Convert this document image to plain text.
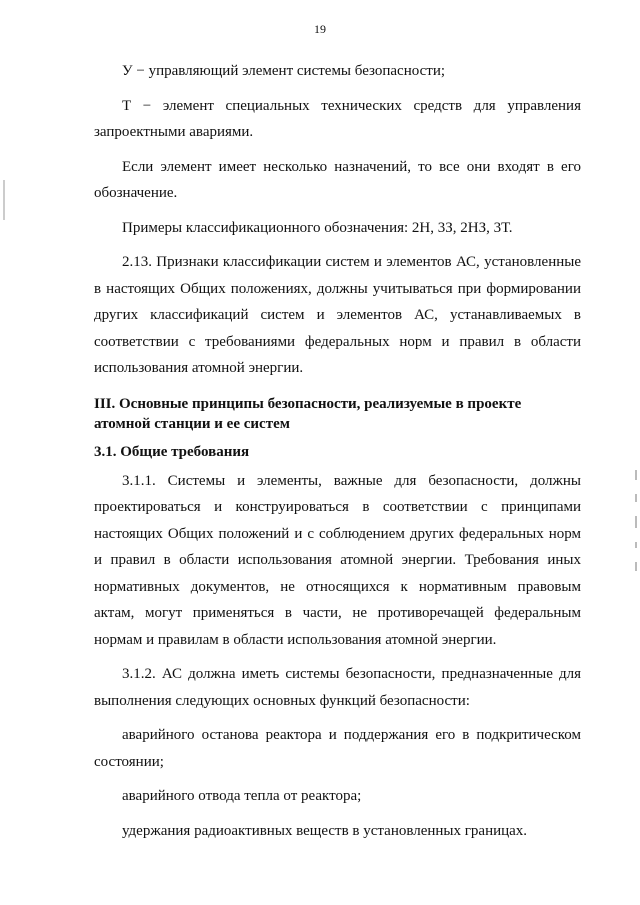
19

У − управляющий элемент системы безопасности;

Т − элемент специальных технических средств для управления запроектными авариями.

Если элемент имеет несколько назначений, то все они входят в его обозначение.

Примеры классификационного обозначения: 2Н, 3З, 2НЗ, 3Т.

2.13. Признаки классификации систем и элементов АС, установленные в настоящих Общих положениях, должны учитываться при формировании других классификаций систем и элементов АС, устанавливаемых в соответствии с требованиями федеральных норм и правил в области использования атомной энергии.

III. Основные принципы безопасности, реализуемые в проекте

атомной станции и ее систем

3.1. Общие требования

3.1.1. Системы и элементы, важные для безопасности, должны проектироваться и конструироваться в соответствии с принципами настоящих Общих положений и с соблюдением других федеральных норм и правил в области использования атомной энергии. Требования иных нормативных документов, не относящихся к нормативным правовым актам, могут применяться в части, не противоречащей федеральным нормам и правилам в области использования атомной энергии.

3.1.2. АС должна иметь системы безопасности, предназначенные для выполнения следующих основных функций безопасности:

аварийного останова реактора и поддержания его в подкритическом состоянии;

аварийного отвода тепла от реактора;

удержания радиоактивных веществ в установленных границах.
